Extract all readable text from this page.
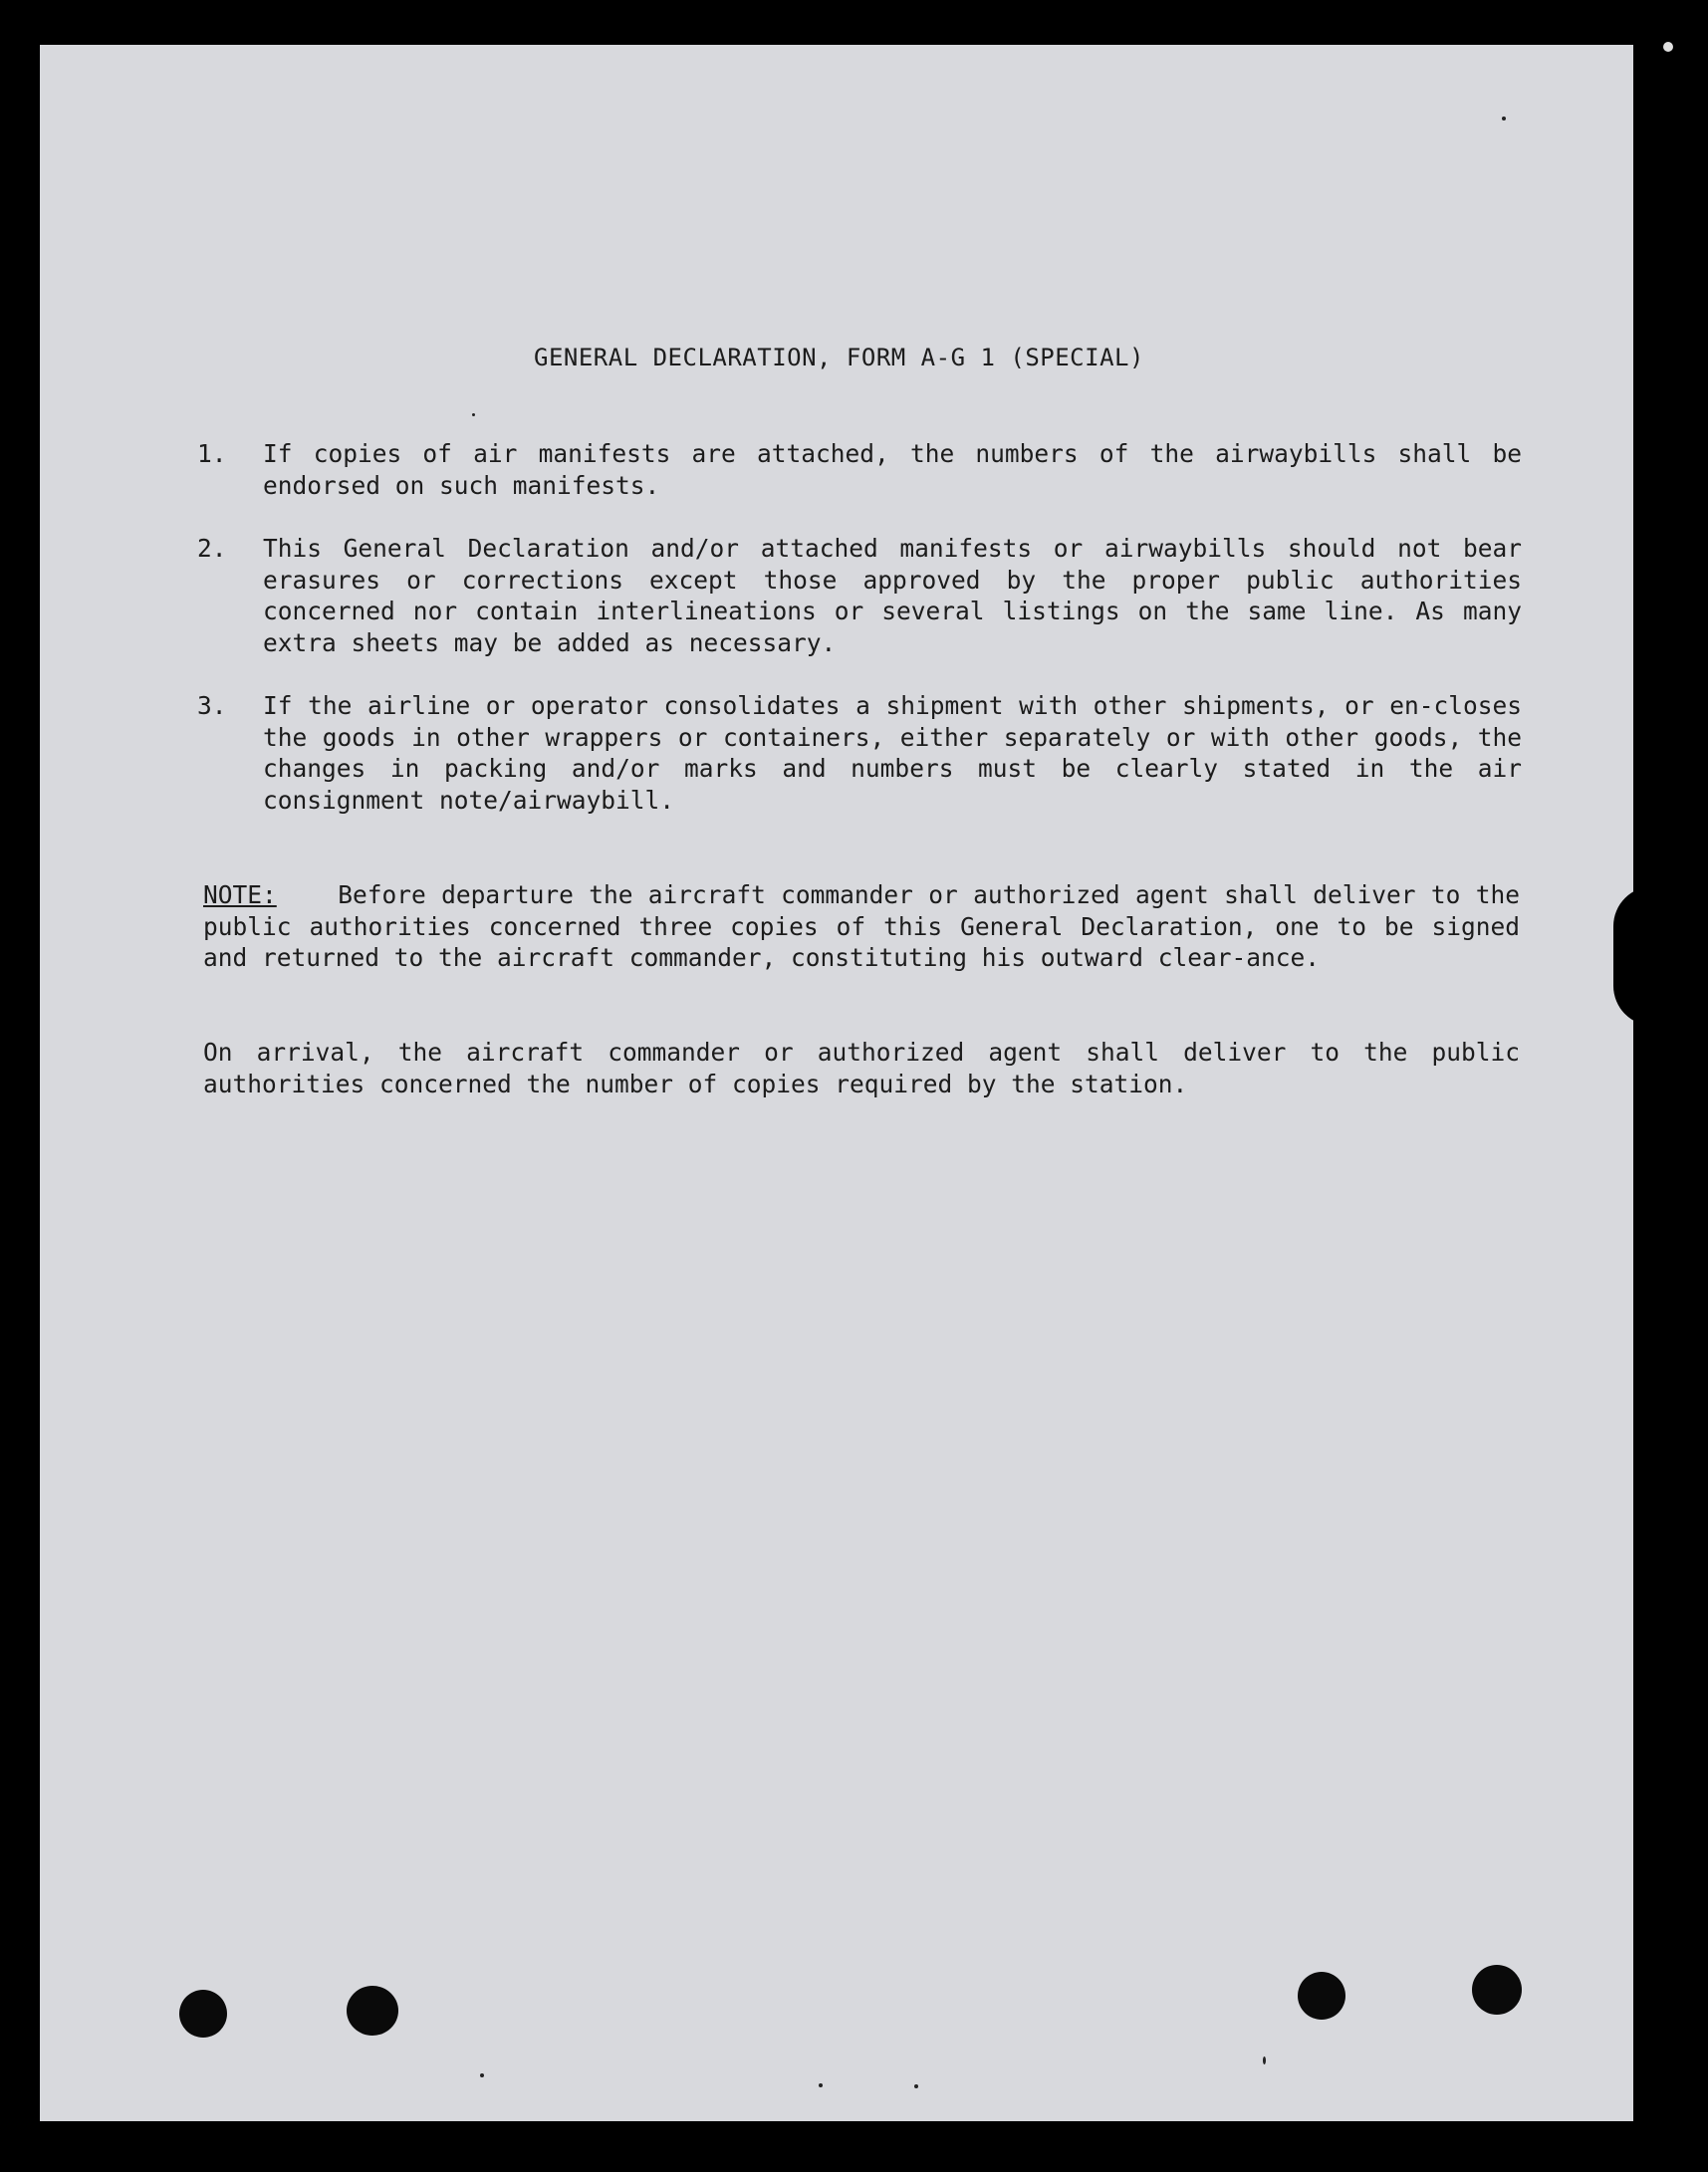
GENERAL DECLARATION, FORM A-G 1 (SPECIAL)
1.	If copies of air manifests are attached, the numbers of the airwaybills shall be endorsed on such manifests.
2.	This General Declaration and/or attached manifests or airwaybills should not bear erasures or corrections except those approved by the proper public authorities concerned nor contain interlineations or several listings on the same line. As many extra sheets may be added as necessary.
3.	If the airline or operator consolidates a shipment with other shipments, or en-closes the goods in other wrappers or containers, either separately or with other goods, the changes in packing and/or marks and numbers must be clearly stated in the air consignment note/airwaybill.
NOTE:	Before departure the aircraft commander or authorized agent shall deliver to the public authorities concerned three copies of this General Declaration, one to be signed and returned to the aircraft commander, constituting his outward clear-ance.
On arrival, the aircraft commander or authorized agent shall deliver to the public authorities concerned the number of copies required by the station.
